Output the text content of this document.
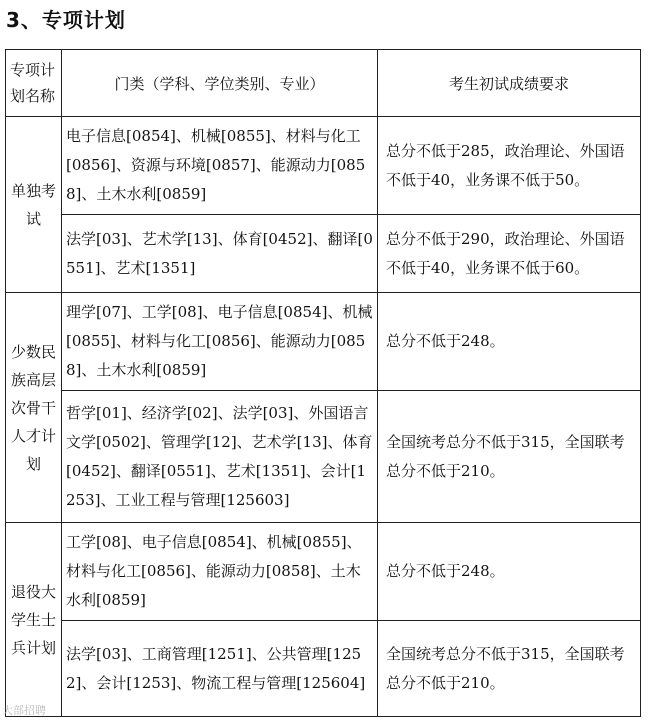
3、专项计划
专项计划名称	门类（学科、学位类别、专业）	考生初试成绩要求
单独考试	电子信息[0854]、机械[0855]、材料与化工[0856]、资源与环境[0857]、能源动力[0858]、土木水利[0859]	总分不低于285，政治理论、外国语不低于40，业务课不低于50。
	法学[03]、艺术学[13]、体育[0452]、翻译[0551]、艺术[1351]	总分不低于290，政治理论、外国语不低于40，业务课不低于60。
少数民族高层次骨干人才计划	理学[07]、工学[08]、电子信息[0854]、机械[0855]、材料与化工[0856]、能源动力[0858]、土木水利[0859]	总分不低于248。
	哲学[01]、经济学[02]、法学[03]、外国语言文学[0502]、管理学[12]、艺术学[13]、体育[0452]、翻译[0551]、艺术[1351]、会计[1253]、工业工程与管理[125603]	全国统考总分不低于315，全国联考总分不低于210。
退役大学生士兵计划	工学[08]、电子信息[0854]、机械[0855]、材料与化工[0856]、能源动力[0858]、土木水利[0859]	总分不低于248。
	法学[03]、工商管理[1251]、公共管理[1252]、会计[1253]、物流工程与管理[125604]	全国统考总分不低于315，全国联考总分不低于210。
大部招聘
